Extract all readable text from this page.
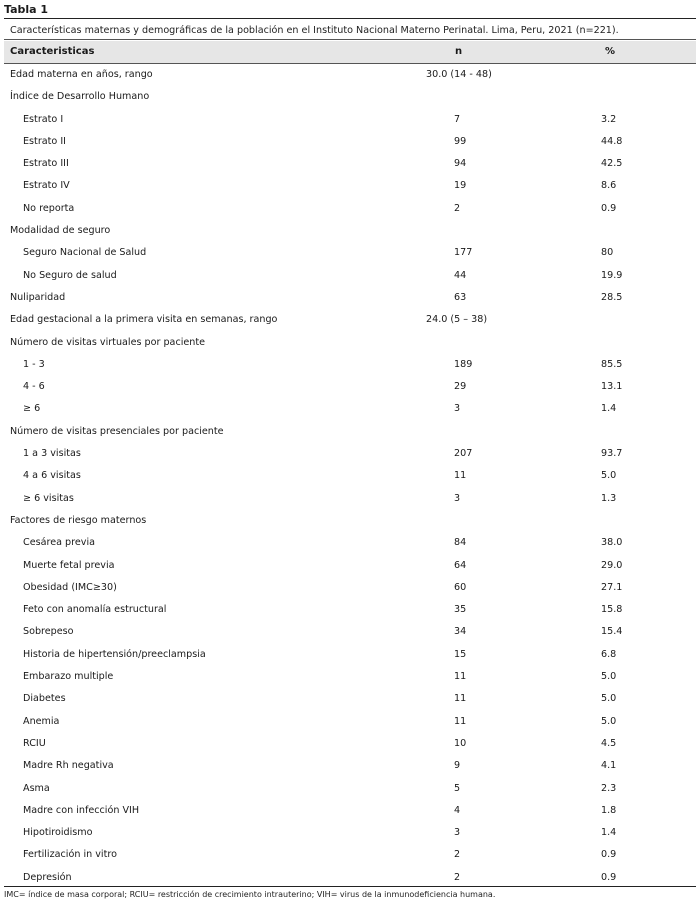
Tabla 1
Características maternas y demográficas de la población en el Instituto Nacional Materno Perinatal. Lima, Peru, 2021 (n=221).
Caracteristicas	n	%
Edad materna en años, rango	30.0 (14 - 48)
Índice de Desarrollo Humano
Estrato I	7	3.2
Estrato II	99	44.8
Estrato III	94	42.5
Estrato IV	19	8.6
No reporta	2	0.9
Modalidad de seguro
Seguro Nacional de Salud	177	80
No Seguro de salud	44	19.9
Nuliparidad	63	28.5
Edad gestacional a la primera visita en semanas, rango	24.0 (5 – 38)
Número de visitas virtuales por paciente
1 - 3	189	85.5
4 - 6	29	13.1
≥ 6	3	1.4
Número de visitas presenciales por paciente
1 a 3 visitas	207	93.7
4 a 6 visitas	11	5.0
≥ 6 visitas	3	1.3
Factores de riesgo maternos
Cesárea previa	84	38.0
Muerte fetal previa	64	29.0
Obesidad (IMC≥30)	60	27.1
Feto con anomalía estructural	35	15.8
Sobrepeso	34	15.4
Historia de hipertensión/preeclampsia	15	6.8
Embarazo multiple	11	5.0
Diabetes	11	5.0
Anemia	11	5.0
RCIU	10	4.5
Madre Rh negativa	9	4.1
Asma	5	2.3
Madre con infección VIH	4	1.8
Hipotiroidismo	3	1.4
Fertilización in vitro	2	0.9
Depresión	2	0.9
IMC= índice de masa corporal; RCIU= restricción de crecimiento intrauterino; VIH= virus de la inmunodeficiencia humana.
